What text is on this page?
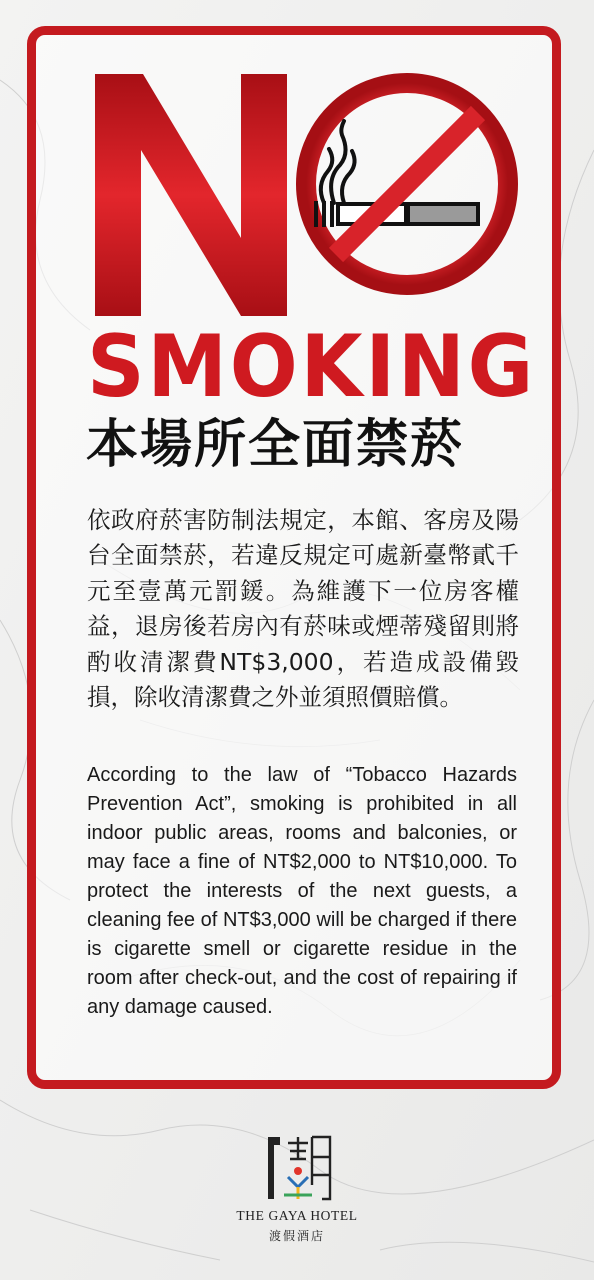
SMOKING
本場所全面禁菸
依政府菸害防制法規定，本館、客房及陽台全面禁菸，若違反規定可處新臺幣貳千元至壹萬元罰鍰。為維護下一位房客權益，退房後若房內有菸味或煙蒂殘留則將酌收清潔費NT$3,000，若造成設備毀損，除收清潔費之外並須照價賠償。
According to the law of “Tobacco Hazards Prevention Act”, smoking is prohibited in all indoor public areas, rooms and balconies, or may face a fine of NT$2,000 to NT$10,000. To protect the interests of the next guests, a cleaning fee of NT$3,000 will be charged if there is cigarette smell or cigarette residue in the room after check-out, and the cost of repairing if any damage caused.
THE GAYA HOTEL
渡假酒店
